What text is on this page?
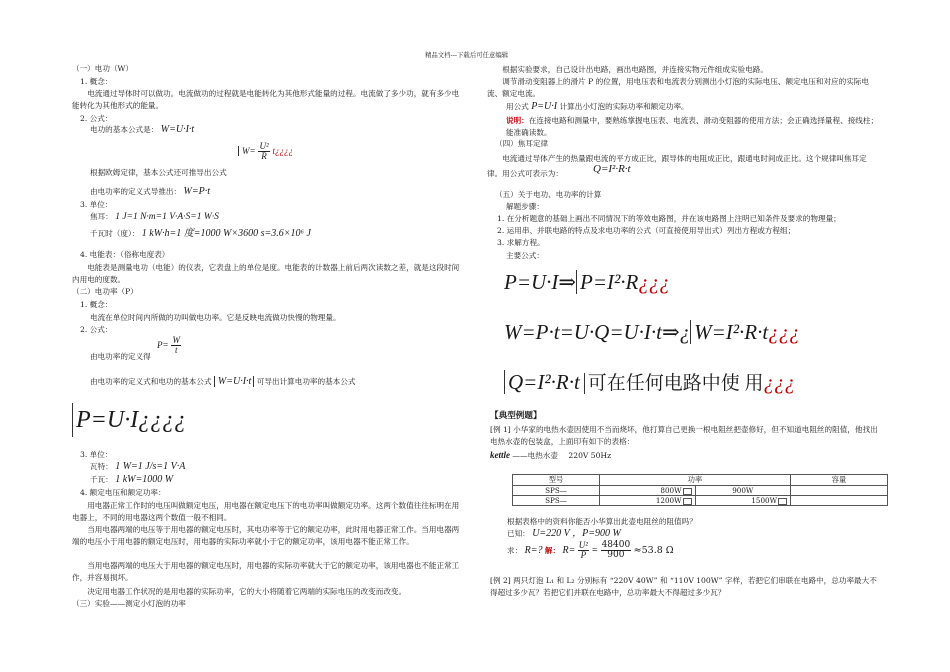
精品文档---下载后可任意编辑
（一）电功（W）
1. 概念：
电流通过导体时可以做功。电流做功的过程就是电能转化为其他形式能量的过程。电流做了多少功，就有多少电能转化为其他形式的能量。
2. 公式：
电功的基本公式是： W=U·I·t
$W= \frac{\text{U²}}{R}$ t¿¿¿¿
根据欧姆定律，基本公式还可推导出公式
由电功率的定义式导推出： W=P·t
3. 单位：
焦耳： 1 J=1 N·m=1 V·A·S=1 W·S
千瓦时（度）： 1 kW·h=1 度=1000 W×3600 s=3.6×10⁶ J
4. 电能表：（俗称电度表）
电能表是测量电功（电能）的仪表，它表盘上的单位是度。电能表的计数器上前后两次读数之差，就是这段时间内用电的度数。
（二）电功率（P）
1. 概念：
电流在单位时间内所做的功叫做电功率。它是反映电流做功快慢的物理量。
2. 公式：
$P= \frac{W}{t}$
由电功率的定义得
由电功率的定义式和电功的基本公式 W=U·I·t 可导出计算电功率的基本公式
P=U·I¿¿¿¿
3. 单位：
瓦特： 1 W=1 J/s=1 V·A
千瓦： 1 kW=1000 W
4. 额定电压和额定功率：
用电器正常工作时的电压叫做额定电压，用电器在额定电压下的电功率叫做额定功率。这两个数值往往标明在用电器上，不同的用电器这两个数值一般不相同。
当用电器两端的电压等于用电器的额定电压时，其电功率等于它的额定功率，此时用电器正常工作。当用电器两端的电压小于用电器的额定电压时，用电器的实际功率就小于它的额定功率，该用电器不能正常工作。
当用电器两端的电压大于用电器的额定电压时，用电器的实际功率就大于它的额定功率，该用电器也不能正常工作，并容易损坏。
决定用电器工作状况的是用电器的实际功率，它的大小将随着它两端的实际电压的改变而改变。
（三）实验——测定小灯泡的功率
根据实验要求，自己设计出电路，画出电路图，并连接实物元件组成实验电路。
调节滑动变阻器上的滑片 P 的位置，用电压表和电流表分别测出小灯泡的实际电压、额定电压和对应的实际电流、额定电流。
用公式 P=U·I 计算出小灯泡的实际功率和额定功率。
说明：在连接电路和测量中，要熟练掌握电压表、电流表、滑动变阻器的使用方法；会正确选择量程、接线柱；能准确读数。
（四）焦耳定律
电流通过导体产生的热量跟电流的平方成正比，跟导体的电阻成正比，跟通电时间成正比。这个规律叫焦耳定律。用公式可表示为：	Q=I²·R·t
（五）关于电功、电功率的计算
解题步骤：
1. 在分析题意的基础上画出不同情况下的等效电路图，并在该电路图上注明已知条件及要求的物理量；
2. 运用串、并联电路的特点及求电功率的公式（可直接使用导出式）列出方程或方程组；
3. 求解方程。
主要公式：
P=U·I⇒ P=I²·R¿¿¿
W=P·t=U·Q=U·I·t⇒¿ W=I²·R·t¿¿¿
Q=I²·R·t 可在任何电路中使 用¿¿¿
【典型例题】
[例 1] 小华家的电热水壶因使用不当而烧坏，他打算自己更换一根电阻丝把壶修好，但不知道电阻丝的阻值，他找出电热水壶的包装盒，上面印有如下的表格：
kettle ——电热水壶 220V 50Hz
型号	功率		容量
SPS—	800W	900W	
SPS—	1200W	1500W	
根据表格中的资料你能否小华算出此壶电阻丝的阻值吗？
已知： U=220 V ，P=900 W
求： R=? 解： $R= \frac{\text{U²}}{P} = \frac{48400}{900} \approx 53.8$ Ω
[例 2] 两只灯泡 L₁ 和 L₂ 分别标有 “220V 40W” 和 “110V 100W” 字样，若把它们串联在电路中，总功率最大不得超过多少瓦？若把它们并联在电路中，总功率最大不得超过多少瓦？
